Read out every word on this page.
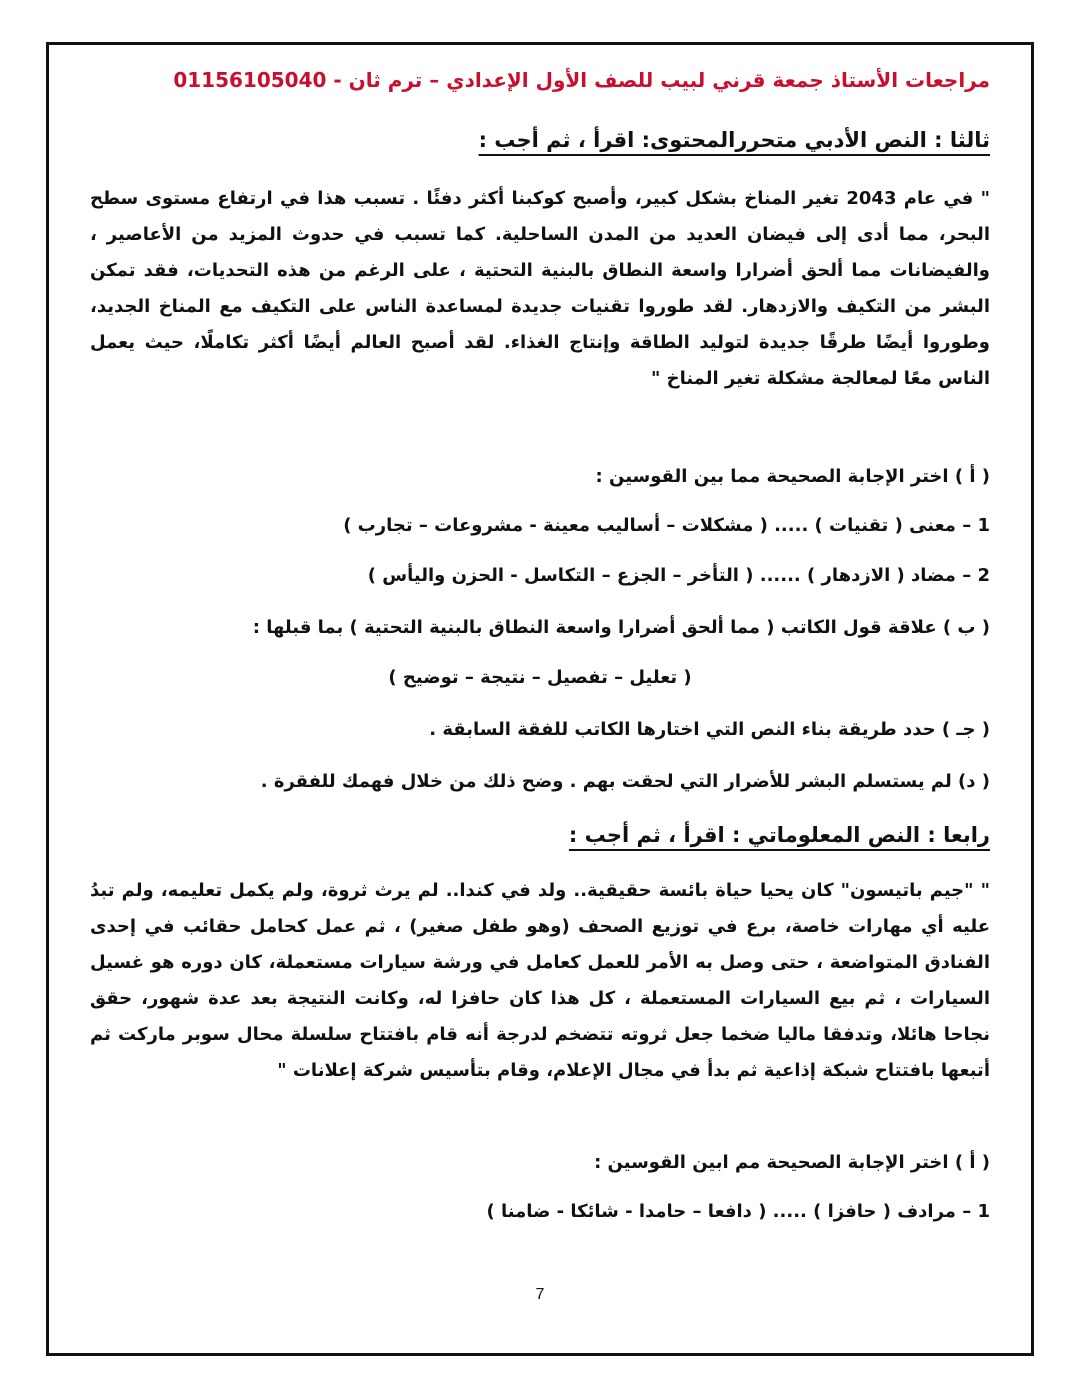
مراجعات الأستاذ جمعة قرني لبيب للصف الأول الإعدادي – ترم ثان - 01156105040
ثالثا : النص الأدبي متحررالمحتوى: اقرأ ، ثم أجب :
" في عام 2043 تغير المناخ بشكل كبير، وأصبح كوكبنا أكثر دفئًا . تسبب هذا في ارتفاع مستوى سطح البحر، مما أدى إلى فيضان العديد من المدن الساحلية. كما تسبب في حدوث المزيد من الأعاصير ، والفيضانات مما ألحق أضرارا واسعة النطاق بالبنية التحتية ، على الرغم من هذه التحديات، فقد تمكن البشر من التكيف والازدهار. لقد طوروا تقنيات جديدة لمساعدة الناس على التكيف مع المناخ الجديد، وطوروا أيضًا طرقًا جديدة لتوليد الطاقة وإنتاج الغذاء. لقد أصبح العالم أيضًا أكثر تكاملًا، حيث يعمل الناس معًا لمعالجة مشكلة تغير المناخ "
( أ ) اختر الإجابة الصحيحة مما بين القوسين :
1 – معنى ( تقنيات ) ..... ( مشكلات – أساليب معينة - مشروعات – تجارب )
2 – مضاد ( الازدهار ) ...... ( التأخر – الجزع – التكاسل - الحزن واليأس )
( ب ) علاقة قول الكاتب ( مما ألحق أضرارا واسعة النطاق بالبنية التحتية ) بما قبلها :
( تعليل – تفصيل – نتيجة – توضيح )
( جـ ) حدد طريقة بناء النص التي اختارها الكاتب للفقة السابقة .
( د) لم يستسلم البشر للأضرار التي لحقت بهم . وضح ذلك من خلال فهمك للفقرة .
رابعا : النص المعلوماتي : اقرأ ، ثم أجب :
" "جيم باتيسون" كان يحيا حياة بائسة حقيقية.. ولد في كندا.. لم يرث ثروة، ولم يكمل تعليمه، ولم تبدُ عليه أي مهارات خاصة، برع في توزيع الصحف (وهو طفل صغير) ، ثم عمل كحامل حقائب في إحدى الفنادق المتواضعة ، حتى وصل به الأمر للعمل كعامل في ورشة سيارات مستعملة، كان دوره هو غسيل السيارات ، ثم بيع السيارات المستعملة ، كل هذا كان حافزا له، وكانت النتيجة بعد عدة شهور، حقق نجاحا هائلا، وتدفقا ماليا ضخما جعل ثروته تتضخم لدرجة أنه قام بافتتاح سلسلة محال سوبر ماركت ثم أتبعها بافتتاح شبكة إذاعية ثم بدأ في مجال الإعلام، وقام بتأسيس شركة إعلانات "
( أ ) اختر الإجابة الصحيحة مم ابين القوسين :
1 – مرادف ( حافزا ) ..... ( دافعا – حامدا - شائكا - ضامنا )
7
